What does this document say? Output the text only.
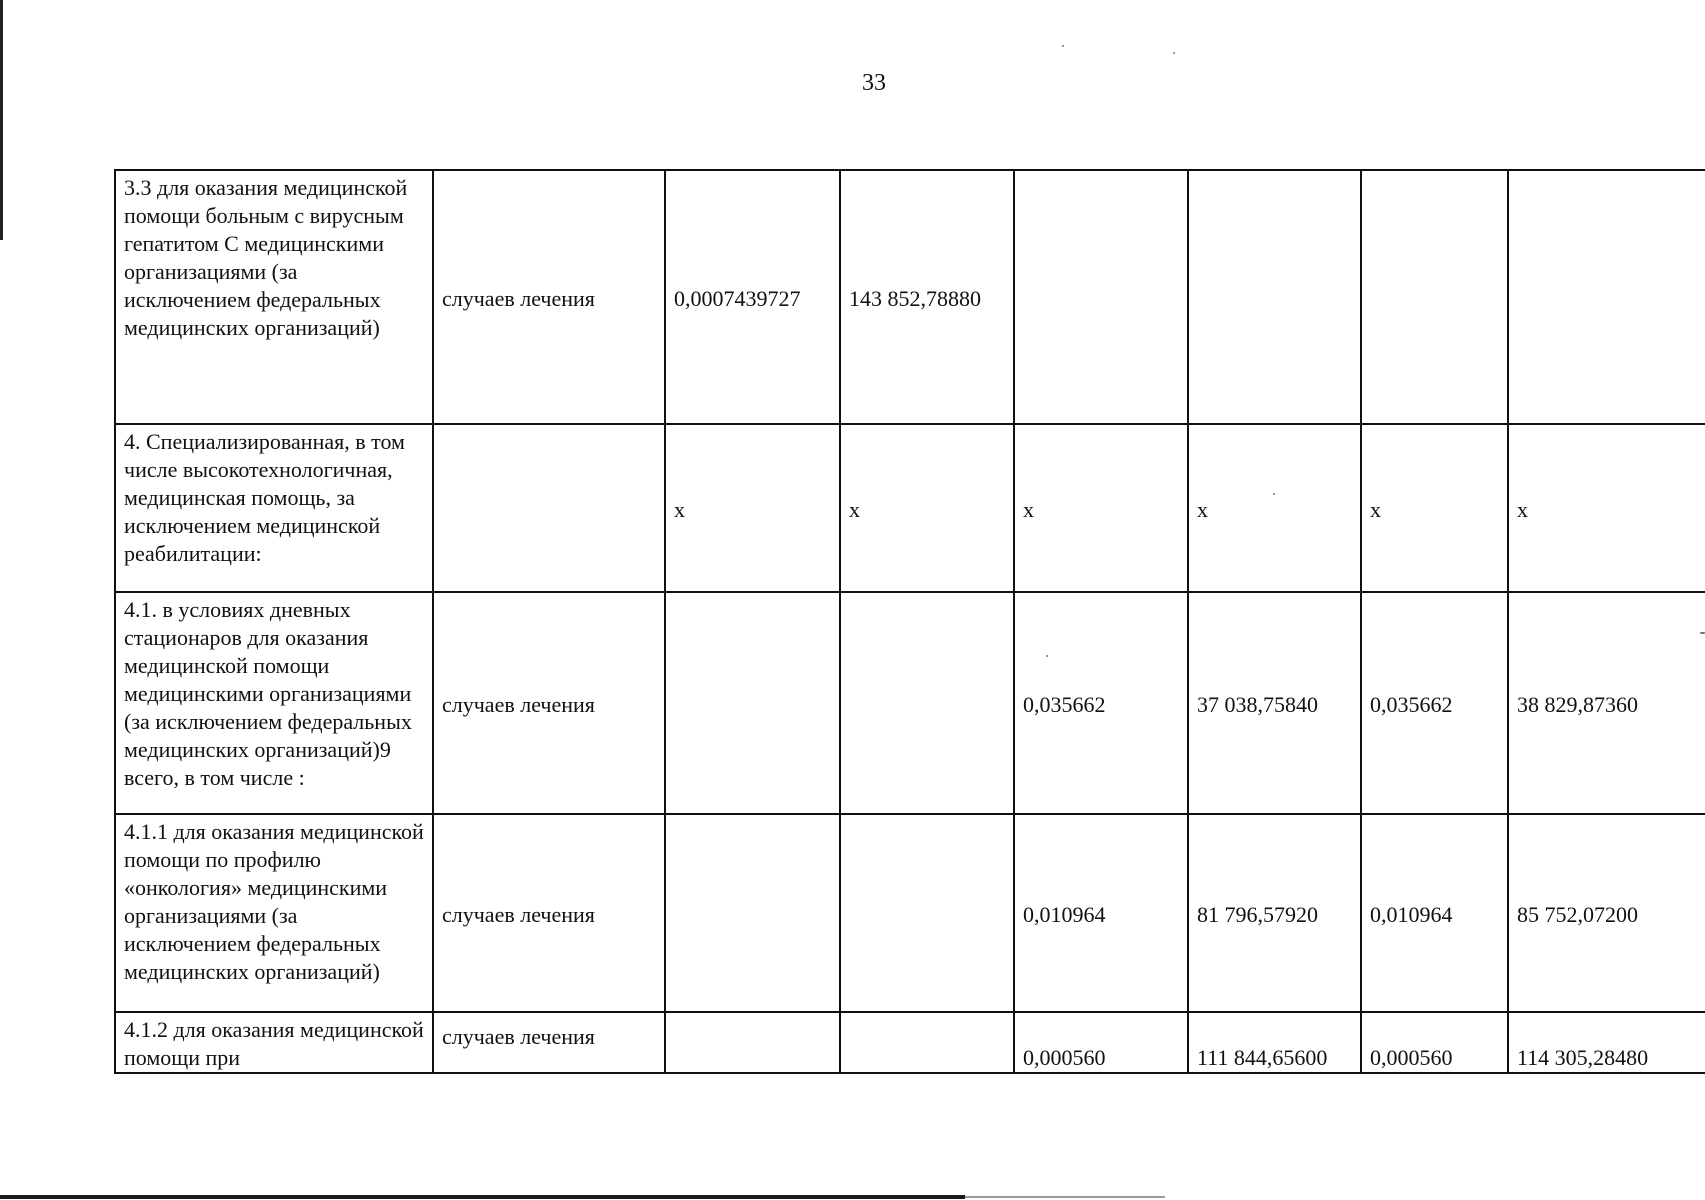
33
3.3 для оказания медицинской помощи больным с вирусным гепатитом С медицинскими организациями (за исключением федеральных медицинских организаций)	случаев лечения	0,0007439727	143 852,78880				
4. Специализированная, в том числе высокотехнологичная, медицинская помощь, за исключением медицинской реабилитации:		х	х	х	х	х	х
4.1. в условиях дневных стационаров для оказания медицинской помощи медицинскими организациями (за исключением федеральных медицинских организаций)9 всего, в том числе :	случаев лечения			0,035662	37 038,75840	0,035662	38 829,87360
4.1.1 для оказания медицинской помощи по профилю «онкология» медицинскими организациями (за исключением федеральных медицинских организаций)	случаев лечения			0,010964	81 796,57920	0,010964	85 752,07200
4.1.2 для оказания медицинской помощи при	случаев лечения			0,000560	111 844,65600	0,000560	114 305,28480
